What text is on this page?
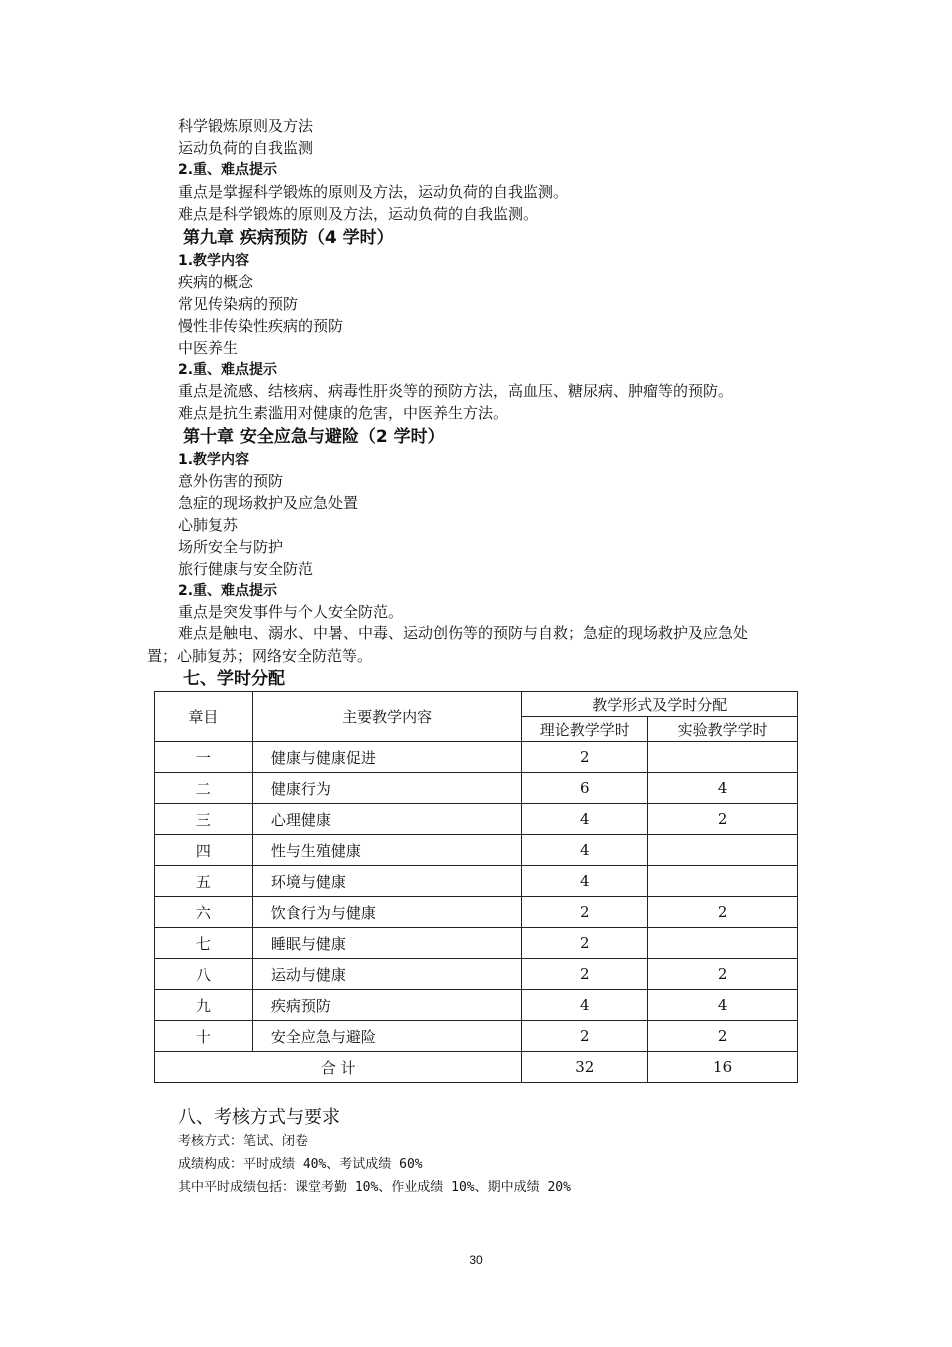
科学锻炼原则及方法
运动负荷的自我监测
2.重、难点提示
重点是掌握科学锻炼的原则及方法，运动负荷的自我监测。
难点是科学锻炼的原则及方法，运动负荷的自我监测。
第九章 疾病预防（4 学时）
1.教学内容
疾病的概念
常见传染病的预防
慢性非传染性疾病的预防
中医养生
2.重、难点提示
重点是流感、结核病、病毒性肝炎等的预防方法，高血压、糖尿病、肿瘤等的预防。
难点是抗生素滥用对健康的危害，中医养生方法。
第十章 安全应急与避险（2 学时）
1.教学内容
意外伤害的预防
急症的现场救护及应急处置
心肺复苏
场所安全与防护
旅行健康与安全防范
2.重、难点提示
重点是突发事件与个人安全防范。
难点是触电、溺水、中暑、中毒、运动创伤等的预防与自救；急症的现场救护及应急处
置；心肺复苏；网络安全防范等。
七、学时分配
章目	主要教学内容	教学形式及学时分配	
		理论教学学时	实验教学学时
一	健康与健康促进	2	
二	健康行为	6	4
三	心理健康	4	2
四	性与生殖健康	4	
五	环境与健康	4	
六	饮食行为与健康	2	2
七	睡眠与健康	2	
八	运动与健康	2	2
九	疾病预防	4	4
十	安全应急与避险	2	2
合 计		32	16
八、考核方式与要求
考核方式：笔试、闭卷
成绩构成：平时成绩 40%、考试成绩 60%
其中平时成绩包括：课堂考勤 10%、作业成绩 10%、期中成绩 20%
30
